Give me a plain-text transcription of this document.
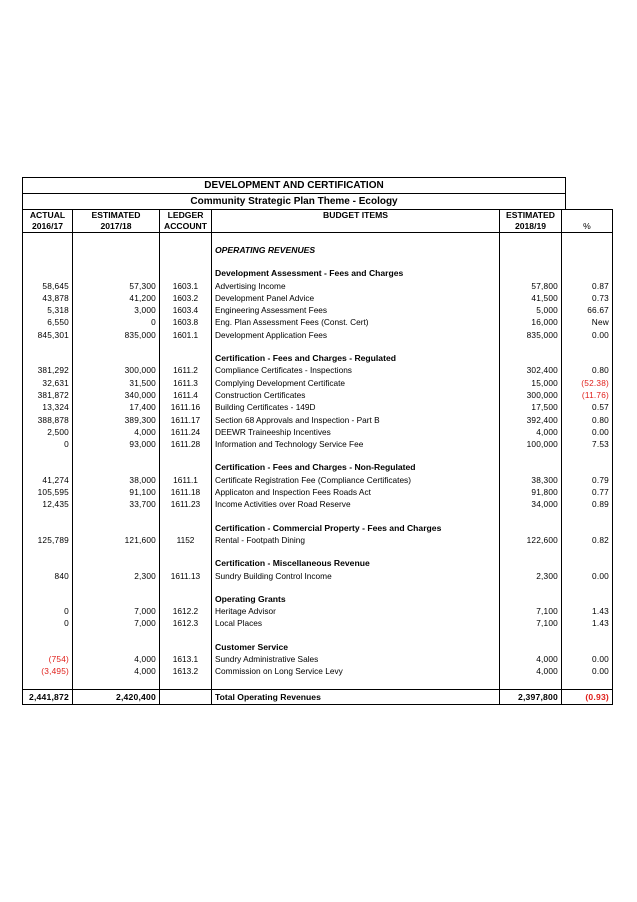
DEVELOPMENT AND CERTIFICATION
Community Strategic Plan Theme - Ecology
ACTUAL	ESTIMATED	LEDGER	BUDGET ITEMS	ESTIMATED	
2016/17	2017/18	ACCOUNT		2018/19	%

			OPERATING REVENUES		

			Development Assessment - Fees and Charges		
58,645	57,300	1603.1	Advertising Income	57,800	0.87
43,878	41,200	1603.2	Development Panel Advice	41,500	0.73
5,318	3,000	1603.4	Engineering Assessment Fees	5,000	66.67
6,550	0	1603.8	Eng. Plan Assessment Fees (Const. Cert)	16,000	New
845,301	835,000	1601.1	Development Application Fees	835,000	0.00

			Certification - Fees and Charges - Regulated		
381,292	300,000	1611.2	Compliance Certificates - Inspections	302,400	0.80
32,631	31,500	1611.3	Complying Development Certificate	15,000	(52.38)
381,872	340,000	1611.4	Construction Certificates	300,000	(11.76)
13,324	17,400	1611.16	Building Certificates - 149D	17,500	0.57
388,878	389,300	1611.17	Section 68 Approvals and Inspection - Part B	392,400	0.80
2,500	4,000	1611.24	DEEWR Traineeship Incentives	4,000	0.00
0	93,000	1611.28	Information and Technology Service Fee	100,000	7.53

			Certification - Fees and Charges - Non-Regulated		
41,274	38,000	1611.1	Certificate Registration Fee (Compliance Certificates)	38,300	0.79
105,595	91,100	1611.18	Applicaton and Inspection Fees Roads Act	91,800	0.77
12,435	33,700	1611.23	Income Activities over Road Reserve	34,000	0.89

			Certification - Commercial Property - Fees and Charges		
125,789	121,600	1152	Rental - Footpath Dining	122,600	0.82

			Certification - Miscellaneous Revenue		
840	2,300	1611.13	Sundry Building Control Income	2,300	0.00

			Operating Grants		
0	7,000	1612.2	Heritage Advisor	7,100	1.43
0	7,000	1612.3	Local Places	7,100	1.43

			Customer Service		
(754)	4,000	1613.1	Sundry Administrative Sales	4,000	0.00
(3,495)	4,000	1613.2	Commission on Long Service Levy	4,000	0.00

2,441,872	2,420,400		Total Operating Revenues	2,397,800	(0.93)
